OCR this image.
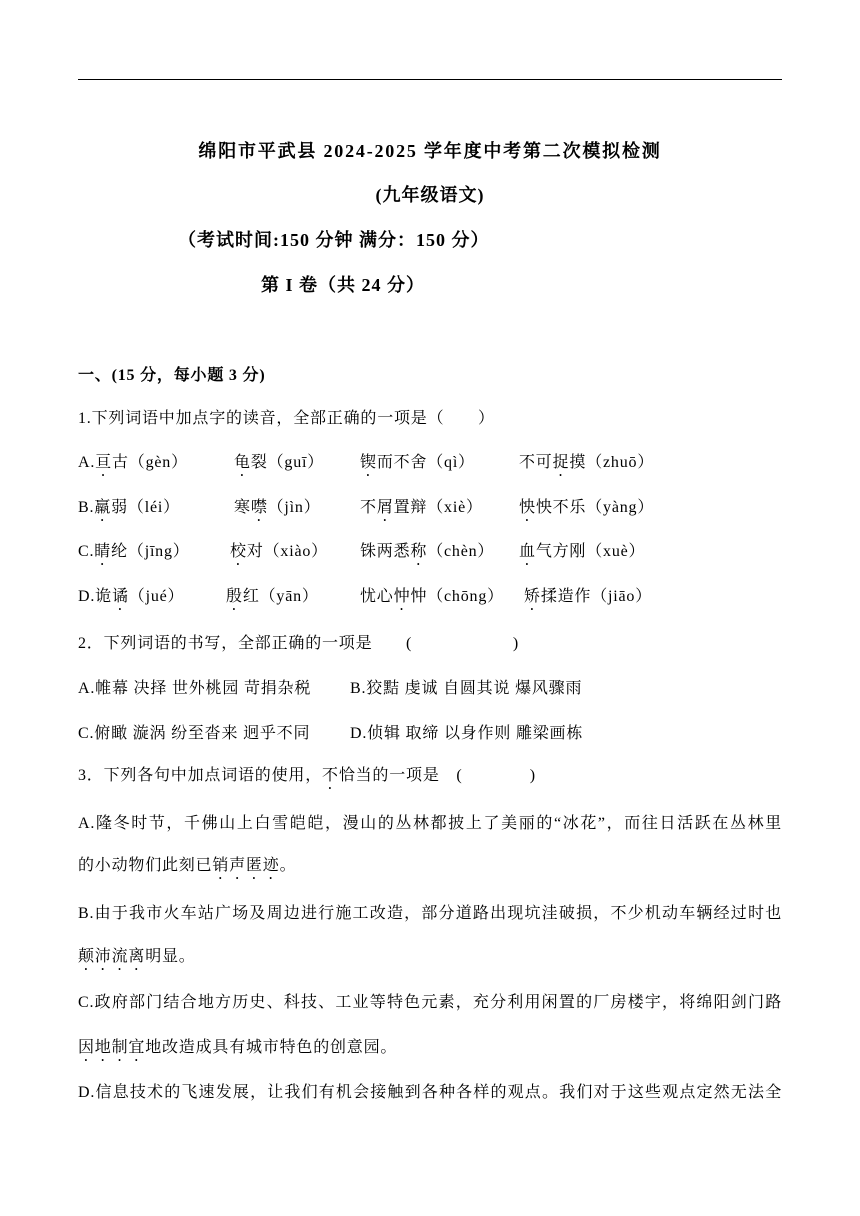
绵阳市平武县 2024-2025 学年度中考第二次模拟检测
(九年级语文)
（考试时间:150 分钟 满分：150 分）
第 I 卷（共 24 分）
一、(15 分，每小题 3 分)
1.下列词语中加点字的读音，全部正确的一项是（　　）
A.亘古（gèn）	龟裂（guī） 锲而不舍（qì）	不可捉摸（zhuō）
B.羸弱（léi）	寒噤（jìn） 不屑置辩（xiè） 怏怏不乐（yàng）
C.睛纶（jīng）	校对（xiào） 铢两悉称（chèn） 血气方刚（xuè）
D.诡谲（jué）	殷红（yān）	忧心忡忡（chōng） 矫揉造作（jiāo）
2．下列词语的书写，全部正确的一项是　　(　　　　　　)
A.帷幕 决择 世外桃园 苛捐杂税 B.狡黠 虔诚 自圆其说 爆风骤雨
C.俯瞰 漩涡 纷至沓来 迥乎不同 D.侦辑 取缔 以身作则 雕梁画栋
3．下列各句中加点词语的使用，不恰当的一项是　(　　　　)
A.隆冬时节，千佛山上白雪皑皑，漫山的丛林都披上了美丽的“冰花”，而往日活跃在丛林里
的小动物们此刻已销声匿迹。
B.由于我市火车站广场及周边进行施工改造，部分道路出现坑洼破损，不少机动车辆经过时也
颠沛流离明显。
C.政府部门结合地方历史、科技、工业等特色元素，充分利用闲置的厂房楼宇，将绵阳剑门路
因地制宜地改造成具有城市特色的创意园。
D.信息技术的飞速发展，让我们有机会接触到各种各样的观点。我们对于这些观点定然无法全
